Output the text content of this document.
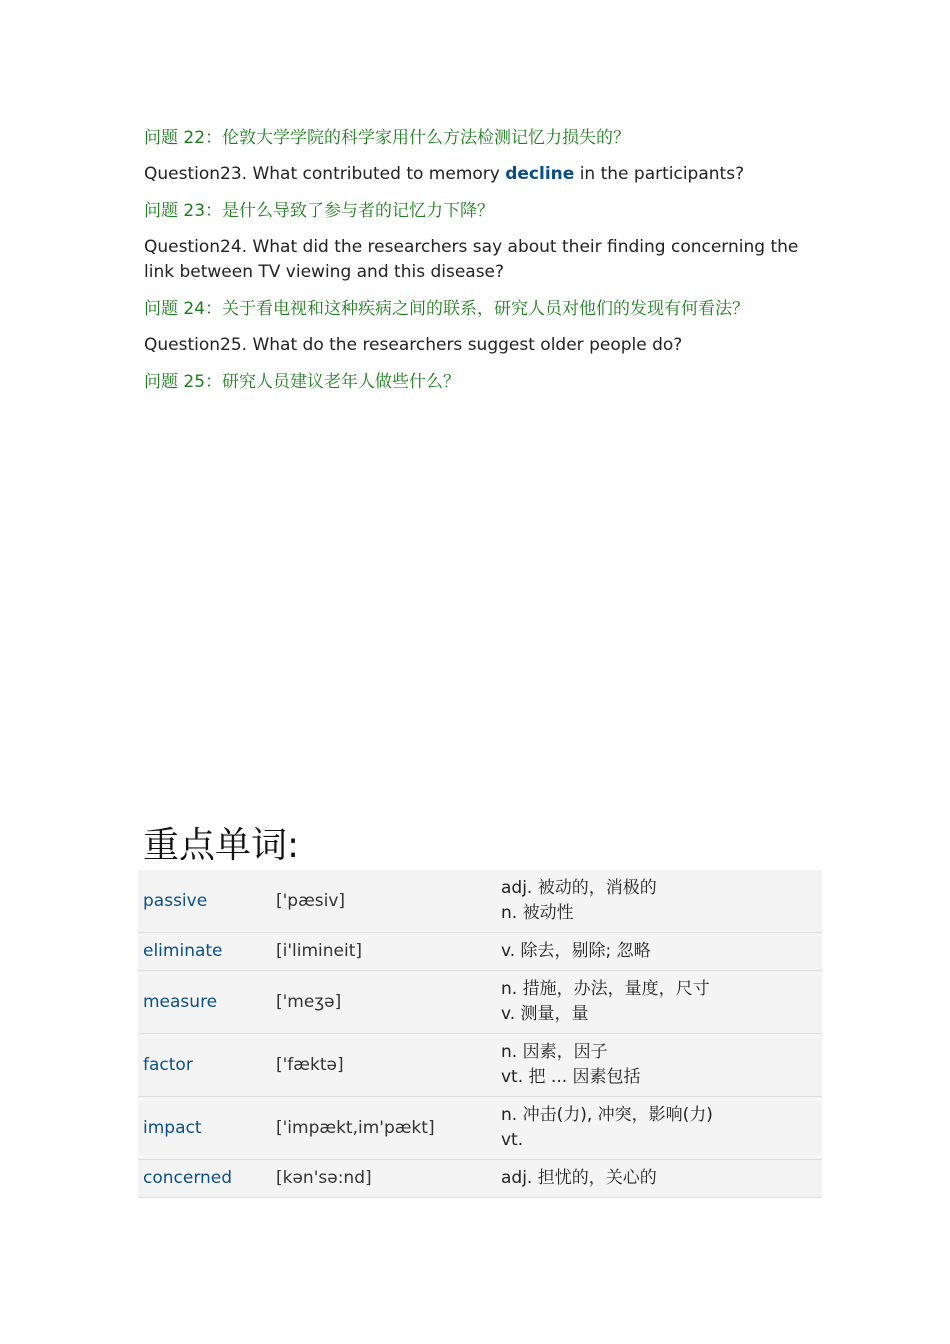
问题 22：伦敦大学学院的科学家用什么方法检测记忆力损失的？

Question23. What contributed to memory decline in the participants?

问题 23：是什么导致了参与者的记忆力下降？

Question24. What did the researchers say about their finding concerning the link between TV viewing and this disease?

问题 24：关于看电视和这种疾病之间的联系，研究人员对他们的发现有何看法？

Question25. What do the researchers suggest older people do?

问题 25：研究人员建议老年人做些什么？

重点单词:
passive	['pæsiv]	adj. 被动的，消极的
n. 被动性

eliminate	[i'limineit]	v. 除去，剔除; 忽略

measure	['meʒə]	n. 措施，办法，量度，尺寸
v. 测量，量

factor	['fæktə]	n. 因素，因子
vt. 把 ... 因素包括

impact	['impækt,im'pækt]	n. 冲击(力), 冲突，影响(力)
vt.

concerned	[kən'sə:nd]	adj. 担忧的，关心的
